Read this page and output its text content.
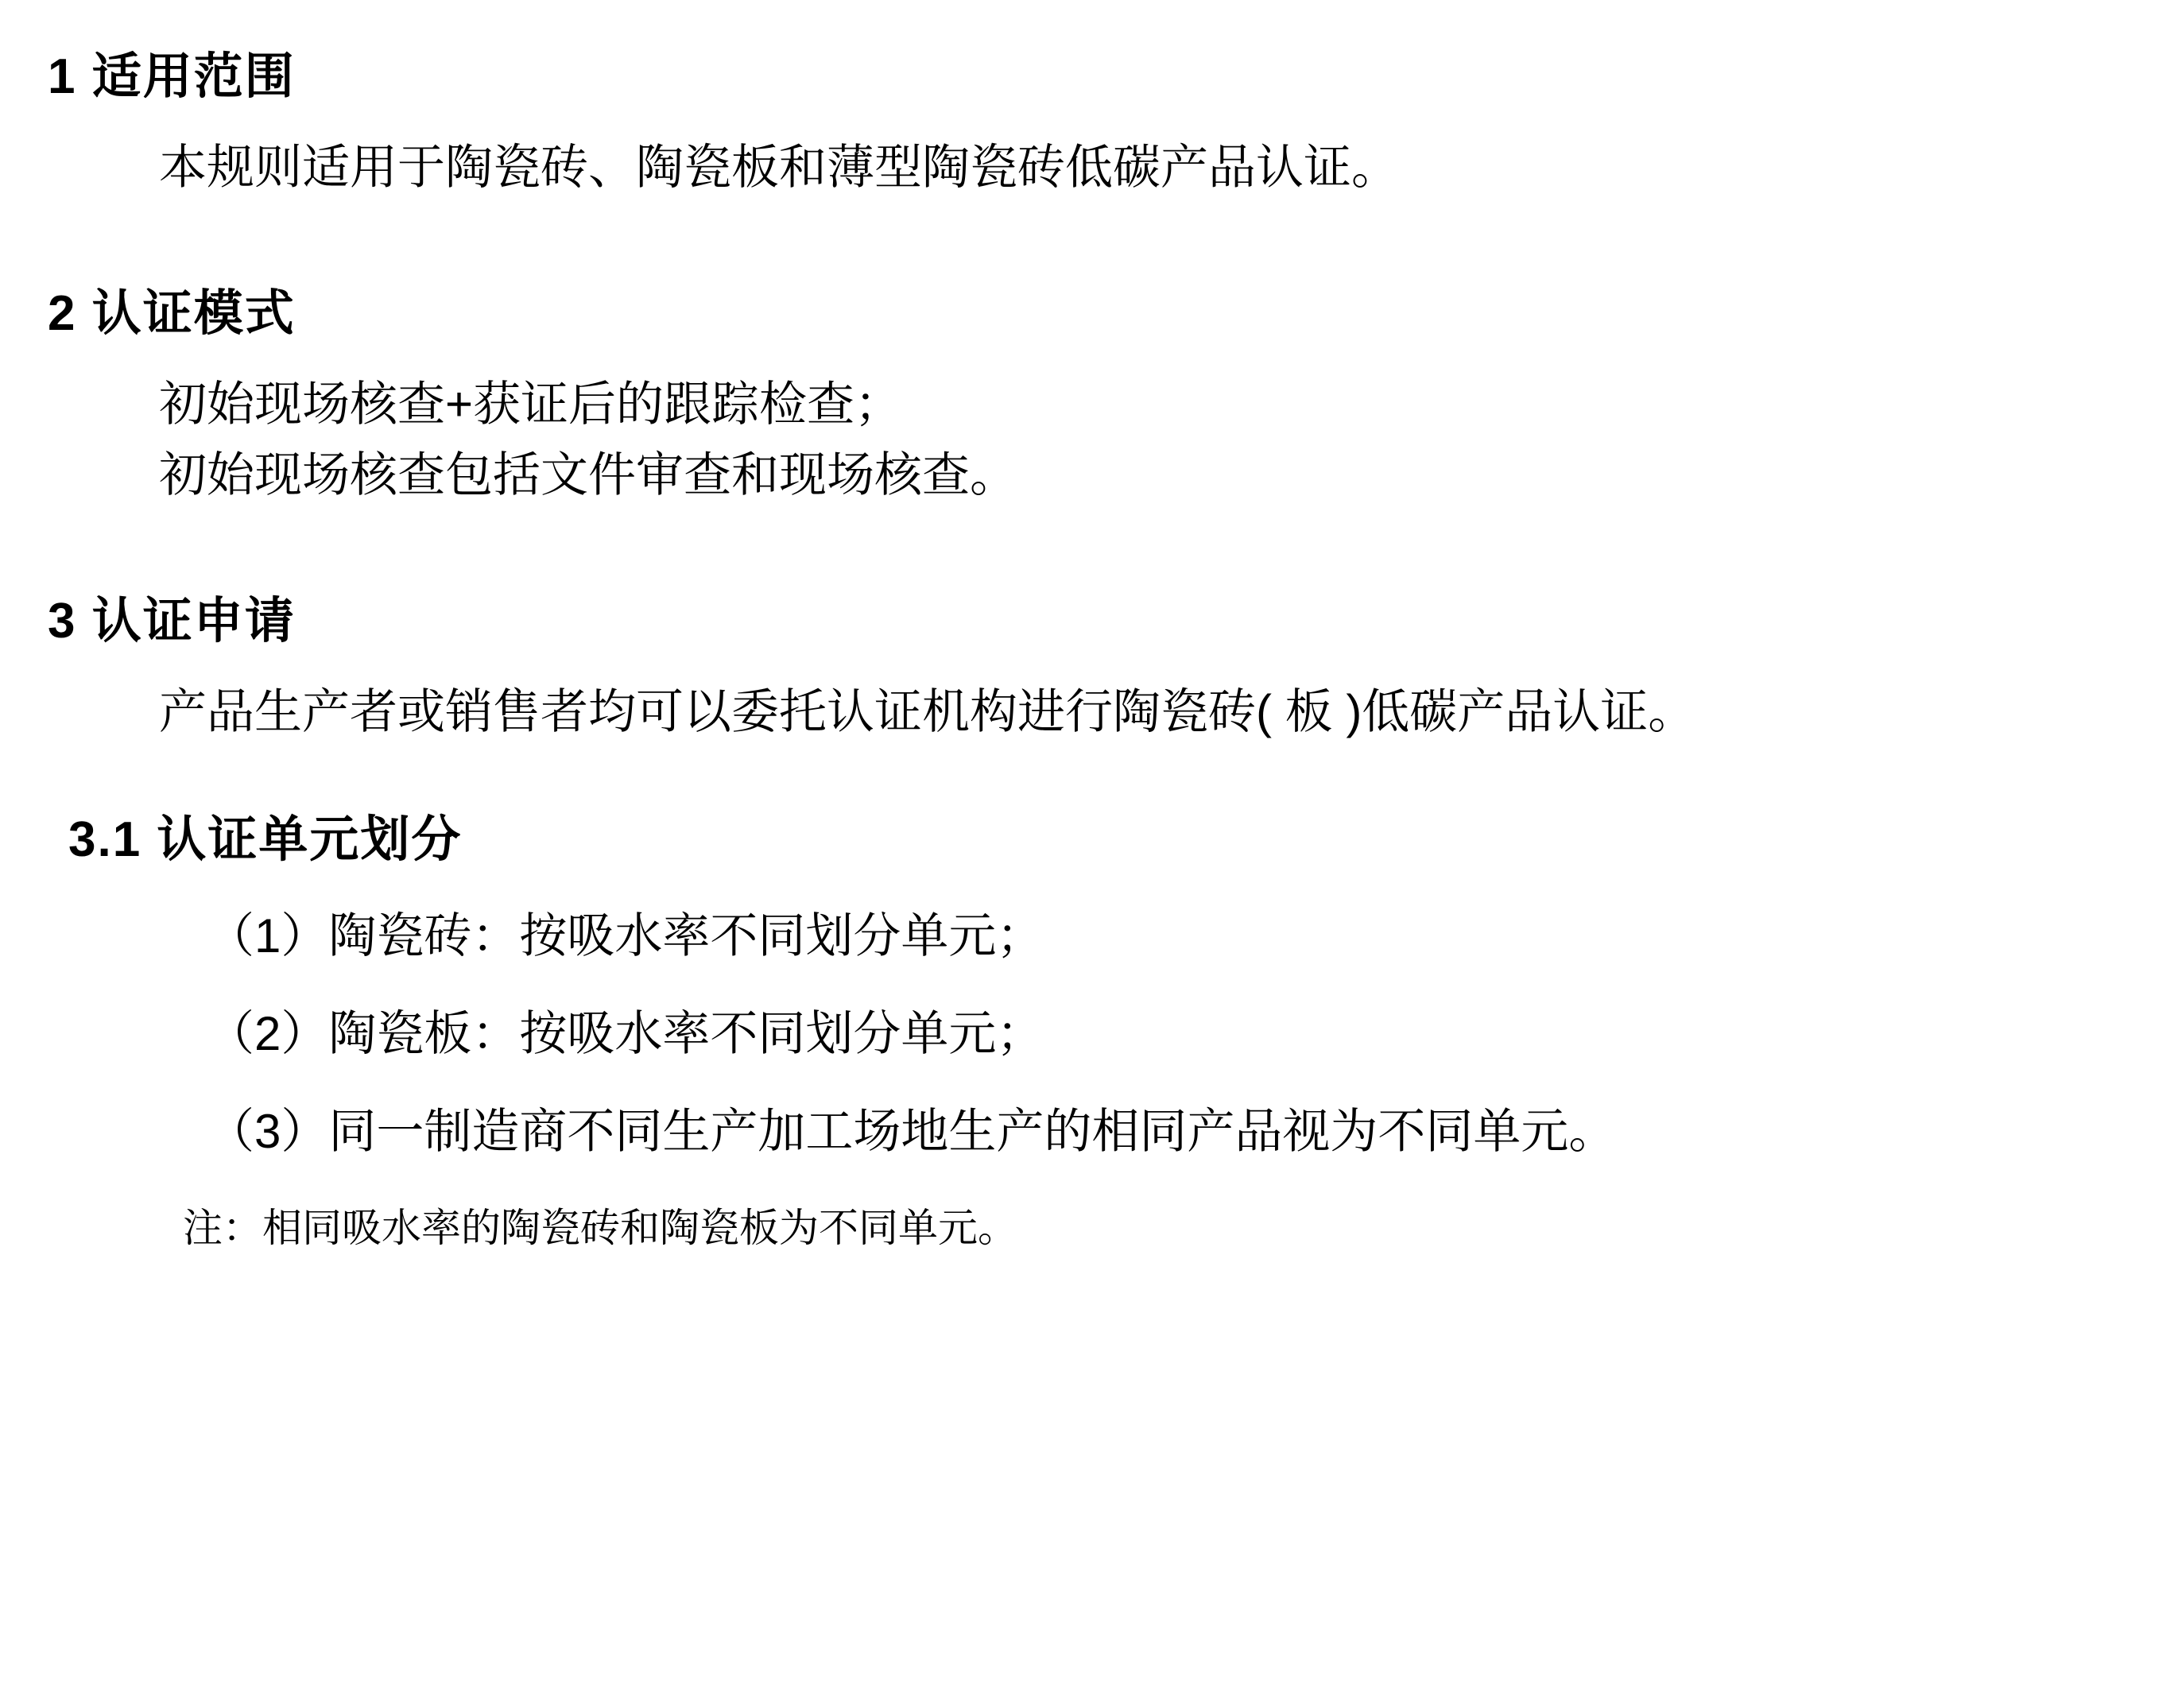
1 适用范围

本规则适用于陶瓷砖、陶瓷板和薄型陶瓷砖低碳产品认证。

2 认证模式

初始现场核查+获证后的跟踪检查；

初始现场核查包括文件审查和现场核查。

3 认证申请

产品生产者或销售者均可以委托认证机构进行陶瓷砖( 板 )低碳产品认证。

3.1 认证单元划分

（1）陶瓷砖：按吸水率不同划分单元；

（2）陶瓷板：按吸水率不同划分单元；

（3）同一制造商不同生产加工场地生产的相同产品视为不同单元。

注：相同吸水率的陶瓷砖和陶瓷板为不同单元。
